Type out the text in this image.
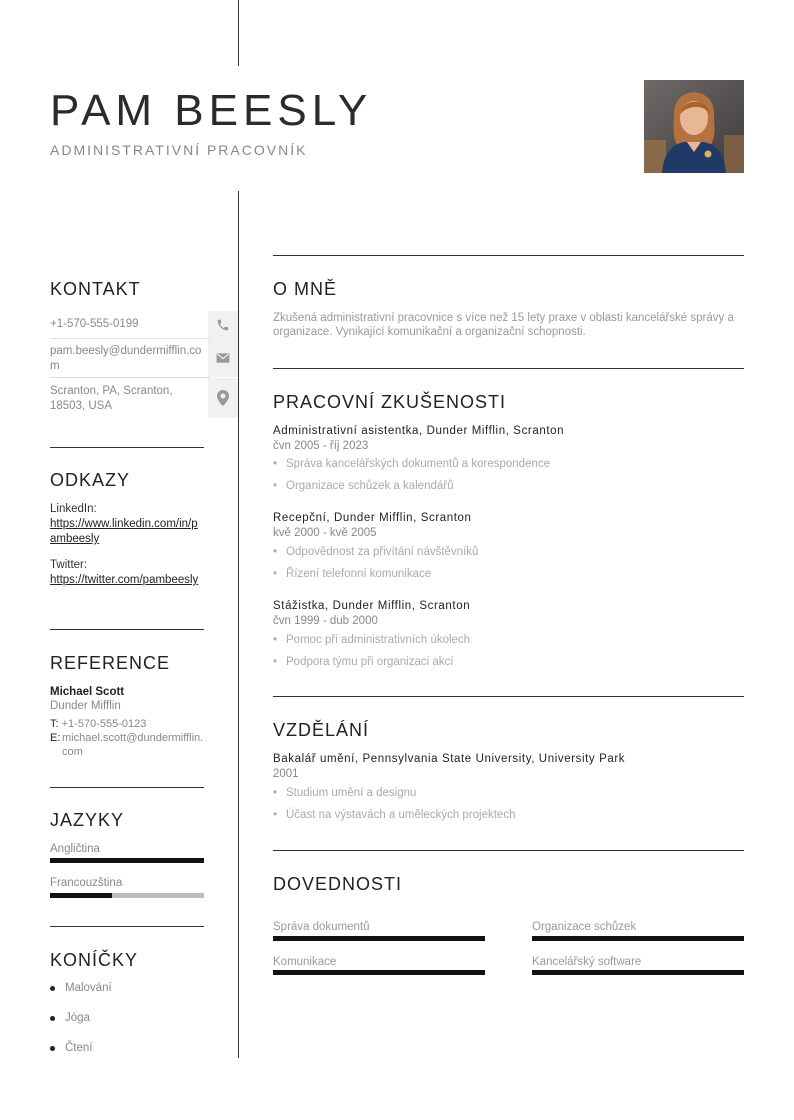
PAM BEESLY
ADMINISTRATIVNÍ PRACOVNÍK
KONTAKT
+1-570-555-0199
pam.beesly@dundermifflin.com
Scranton, PA, Scranton, 18503, USA
ODKAZY
LinkedIn:
https://www.linkedin.com/in/pambeesly
Twitter:
https://twitter.com/pambeesly
REFERENCE
Michael Scott
Dunder Mifflin
T: +1-570-555-0123
E: michael.scott@dundermifflin.com
JAZYKY
Angličtina
Francouzština
KONÍČKY
Malování
Jóga
Čtení
O MNĚ
Zkušená administrativní pracovnice s více než 15 lety praxe v oblasti kancelářské správy a organizace. Vynikající komunikační a organizační schopnosti.
PRACOVNÍ ZKUŠENOSTI
Administrativní asistentka, Dunder Mifflin, Scranton
čvn 2005 - říj 2023
• Správa kancelářských dokumentů a korespondence
• Organizace schůzek a kalendářů
Recepční, Dunder Mifflin, Scranton
kvě 2000 - kvě 2005
• Odpovědnost za přivítání návštěvníků
• Řízení telefonní komunikace
Stážistka, Dunder Mifflin, Scranton
čvn 1999 - dub 2000
• Pomoc při administrativních úkolech
• Podpora týmu při organizaci akcí
VZDĚLÁNÍ
Bakalář umění, Pennsylvania State University, University Park
2001
• Studium umění a designu
• Účast na výstavách a uměleckých projektech
DOVEDNOSTI
Správa dokumentů	Organizace schůzek
Komunikace	Kancelářský software
